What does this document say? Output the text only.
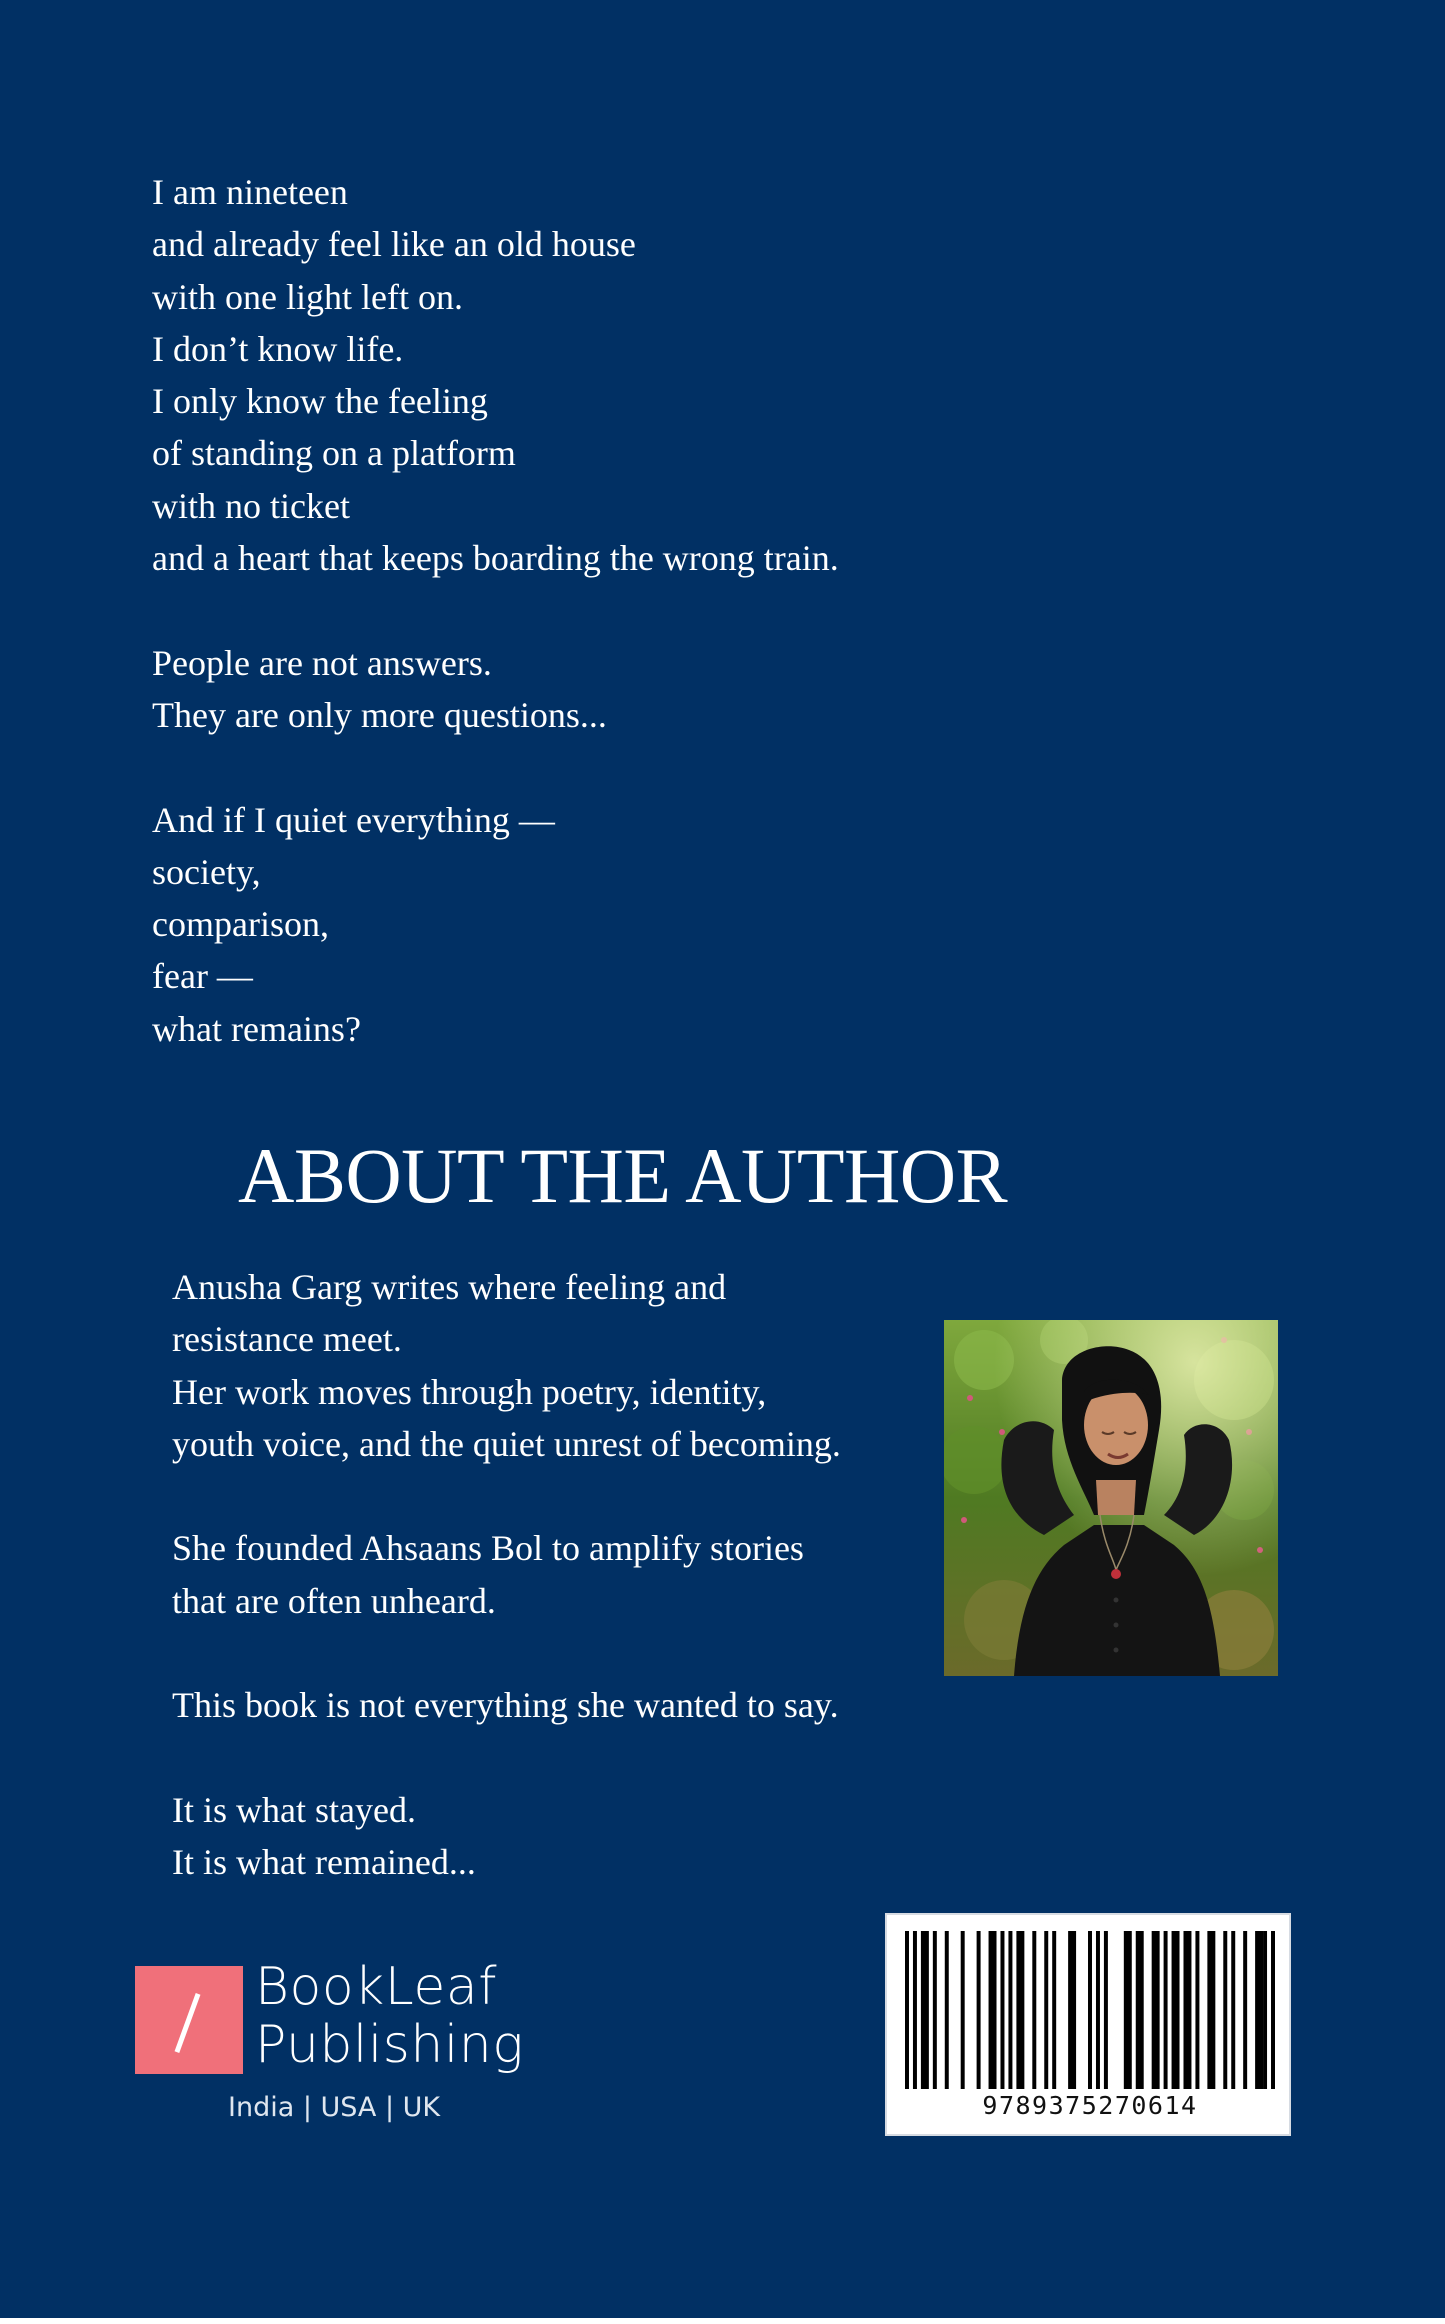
I am nineteen
and already feel like an old house
with one light left on.
I don’t know life.
I only know the feeling
of standing on a platform
with no ticket
and a heart that keeps boarding the wrong train.
People are not answers.
They are only more questions...
And if I quiet everything —
society,
comparison,
fear —
what remains?
ABOUT THE AUTHOR
Anusha Garg writes where feeling and
resistance meet.
Her work moves through poetry, identity,
youth voice, and the quiet unrest of becoming.
She founded Ahsaans Bol to amplify stories
that are often unheard.
This book is not everything she wanted to say.
It is what stayed.
It is what remained...
BookLeaf
Publishing
India | USA | UK	9789375270614
